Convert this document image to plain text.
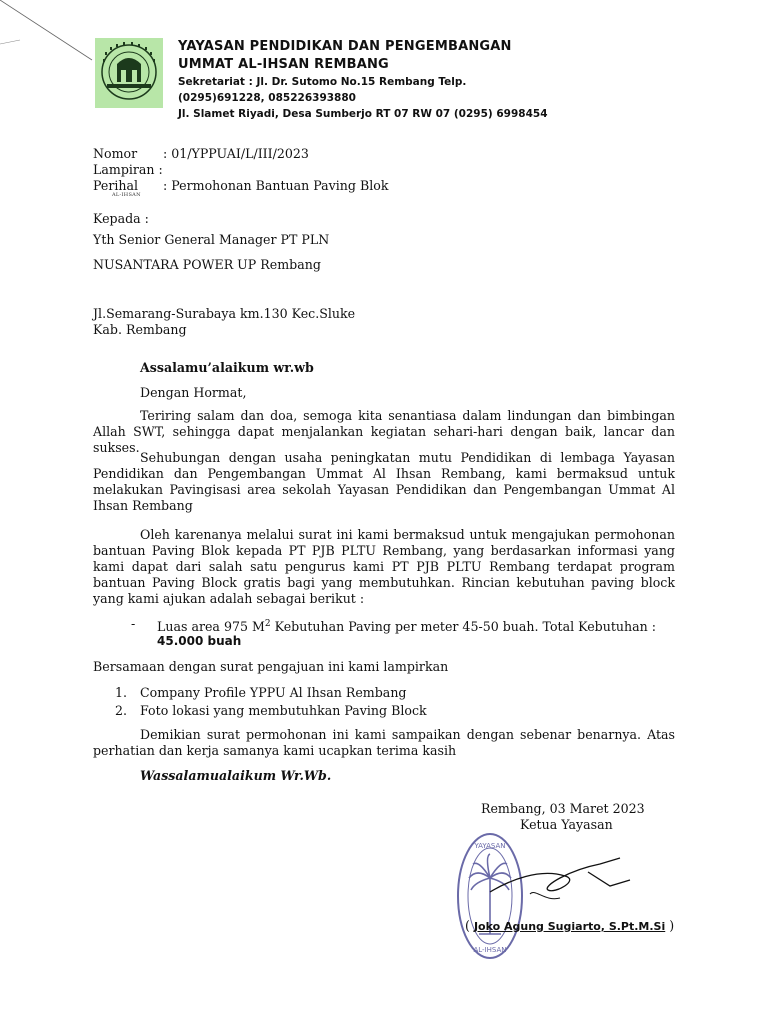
YAYASAN PENDIDIKAN DAN PENGEMBANGAN
UMMAT AL-IHSAN REMBANG
Sekretariat : Jl. Dr. Sutomo No.15 Rembang Telp.
(0295)691228, 085226393880
Jl. Slamet Riyadi, Desa Sumberjo RT 07 RW 07 (0295) 6998454
Nomor : 01/YPPUAI/L/III/2023
Lampiran :
Perihal : Permohonan Bantuan Paving Blok
AL-IHSAN
Kepada :
Yth Senior General Manager PT PLN
NUSANTARA POWER UP Rembang
Jl.Semarang-Surabaya km.130 Kec.Sluke
Kab. Rembang
Assalamu’alaikum wr.wb
Dengan Hormat,
Teriring salam dan doa, semoga kita senantiasa dalam lindungan dan bimbingan Allah SWT, sehingga dapat menjalankan kegiatan sehari-hari dengan baik, lancar dan sukses.
Sehubungan dengan usaha peningkatan mutu Pendidikan di lembaga Yayasan Pendidikan dan Pengembangan Ummat Al Ihsan Rembang, kami bermaksud untuk melakukan Pavingisasi area sekolah Yayasan Pendidikan dan Pengembangan Ummat Al Ihsan Rembang
Oleh karenanya melalui surat ini kami bermaksud untuk mengajukan permohonan bantuan Paving Blok kepada PT PJB PLTU Rembang, yang berdasarkan informasi yang kami dapat dari salah satu pengurus kami PT PJB PLTU Rembang terdapat program bantuan Paving Block gratis bagi yang membutuhkan. Rincian kebutuhan paving block yang kami ajukan adalah sebagai berikut :
- Luas area 975 $M^2$ Kebutuhan Paving per meter 45-50 buah. Total Kebutuhan :
45.000 buah
Bersamaan dengan surat pengajuan ini kami lampirkan
1. Company Profile YPPU Al Ihsan Rembang
2. Foto lokasi yang membutuhkan Paving Block
Demikian surat permohonan ini kami sampaikan dengan sebenar benarnya. Atas perhatian dan kerja samanya kami ucapkan terima kasih
Wassalamualaikum Wr.Wb.
Rembang, 03 Maret 2023
Ketua Yayasan
YAYASAN
AL-IHSAN
( Joko Agung Sugiarto, S.Pt.M.Si )
